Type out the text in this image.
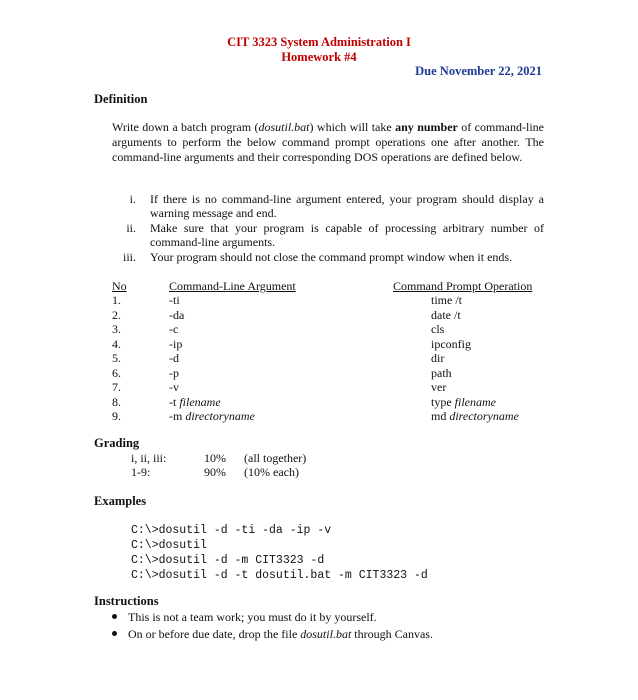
CIT 3323 System Administration I
Homework #4
Due November 22, 2021
Definition
Write down a batch program (dosutil.bat) which will take any number of command-line arguments to perform the below command prompt operations one after another. The command-line arguments and their corresponding DOS operations are defined below.
i. If there is no command-line argument entered, your program should display a warning message and end.
ii. Make sure that your program is capable of processing arbitrary number of command-line arguments.
iii. Your program should not close the command prompt window when it ends.
No	Command-Line Argument	Command Prompt Operation
1.	-ti	time /t
2.	-da	date /t
3.	-c	cls
4.	-ip	ipconfig
5.	-d	dir
6.	-p	path
7.	-v	ver
8.	-t filename	type filename
9.	-m directoryname	md directoryname
Grading
i, ii, iii:	10% (all together)
1-9:	90% (10% each)
Examples
C:\>dosutil -d -ti -da -ip -v
C:\>dosutil
C:\>dosutil -d -m CIT3323 -d
C:\>dosutil -d -t dosutil.bat -m CIT3323 -d
Instructions
This is not a team work; you must do it by yourself.
On or before due date, drop the file dosutil.bat through Canvas.
